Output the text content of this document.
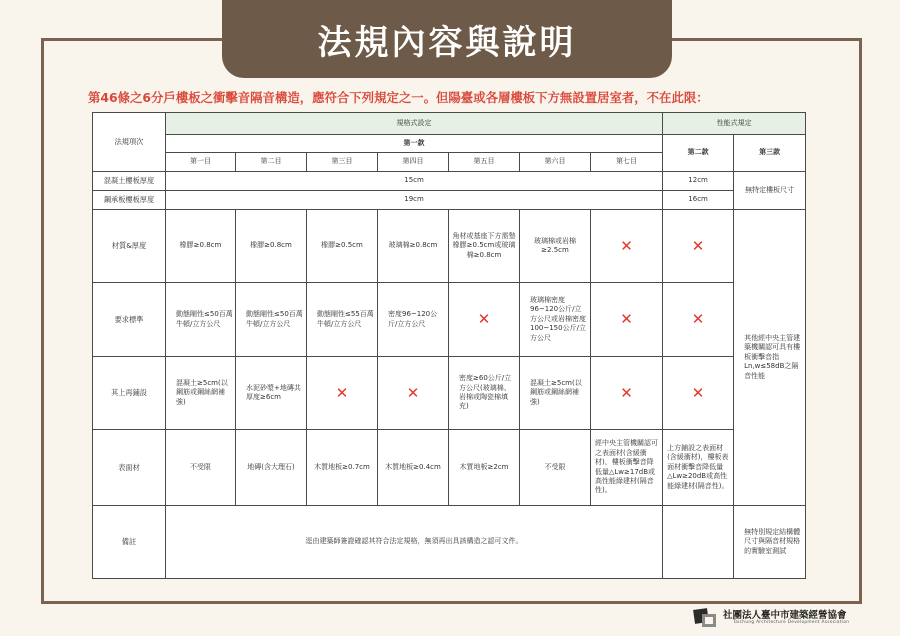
法規內容與說明
第46條之6分戶樓板之衝擊音隔音構造，應符合下列規定之一。但陽臺或各層樓板下方無設置居室者，不在此限：
法規項次	規格式設定							性能式規定	
	第一款							第二款	第三款
	第一目	第二目	第三目	第四目	第五目	第六目	第七目		
混凝土樓板厚度	15cm							12cm	無特定樓板尺寸
鋼承板樓板厚度	19cm							16cm	
材質&厚度	橡膠≥0.8cm	橡膠≥0.8cm	橡膠≥0.5cm	玻璃棉≥0.8cm	角材或基座下方需墊橡膠≥0.5cm或玻璃棉≥0.8cm	玻璃棉或岩棉≥2.5cm	✕	✕	其他經中央主管建築機關認可具有樓板衝擊音指Ln,w≤58dB之隔音性能
要求標準	動態剛性≤50百萬牛頓/立方公尺	動態剛性≤50百萬牛頓/立方公尺	動態剛性≤55百萬牛頓/立方公尺	密度96~120公斤/立方公尺	✕	玻璃棉密度96~120公斤/立方公尺或岩棉密度100~150公斤/立方公尺	✕	✕	
其上再鋪設	混凝土≥5cm(以鋼筋或鋼絲網補強)	水泥砂漿+地磚共厚度≥6cm	✕	✕	密度≥60公斤/立方公尺(玻璃棉、岩棉或陶瓷棉填充)	混凝土≥5cm(以鋼筋或鋼絲網補強)	✕	✕	
表面材	不受限	地磚(含大理石)	木質地板≥0.7cm	木質地板≥0.4cm	木質地板≥2cm	不受限	經中央主管機關認可之表面材(含緩衝材)，樓板衝擊音降低量△Lw≥17dB或高性能綠建材(隔音性)。	上方鋪設之表面材(含緩衝材)，樓板表面材衝擊音降低量△Lw≥20dB或高性能綠建材(隔音性)。	
備註	逕由建築師簽證確認其符合法定規格，無須再出具該構造之認可文件。								無特別規定結構體尺寸與隔音材規格的實驗室測試
社團法人臺中市建築經營協會
Taichung Architecture Development Association
